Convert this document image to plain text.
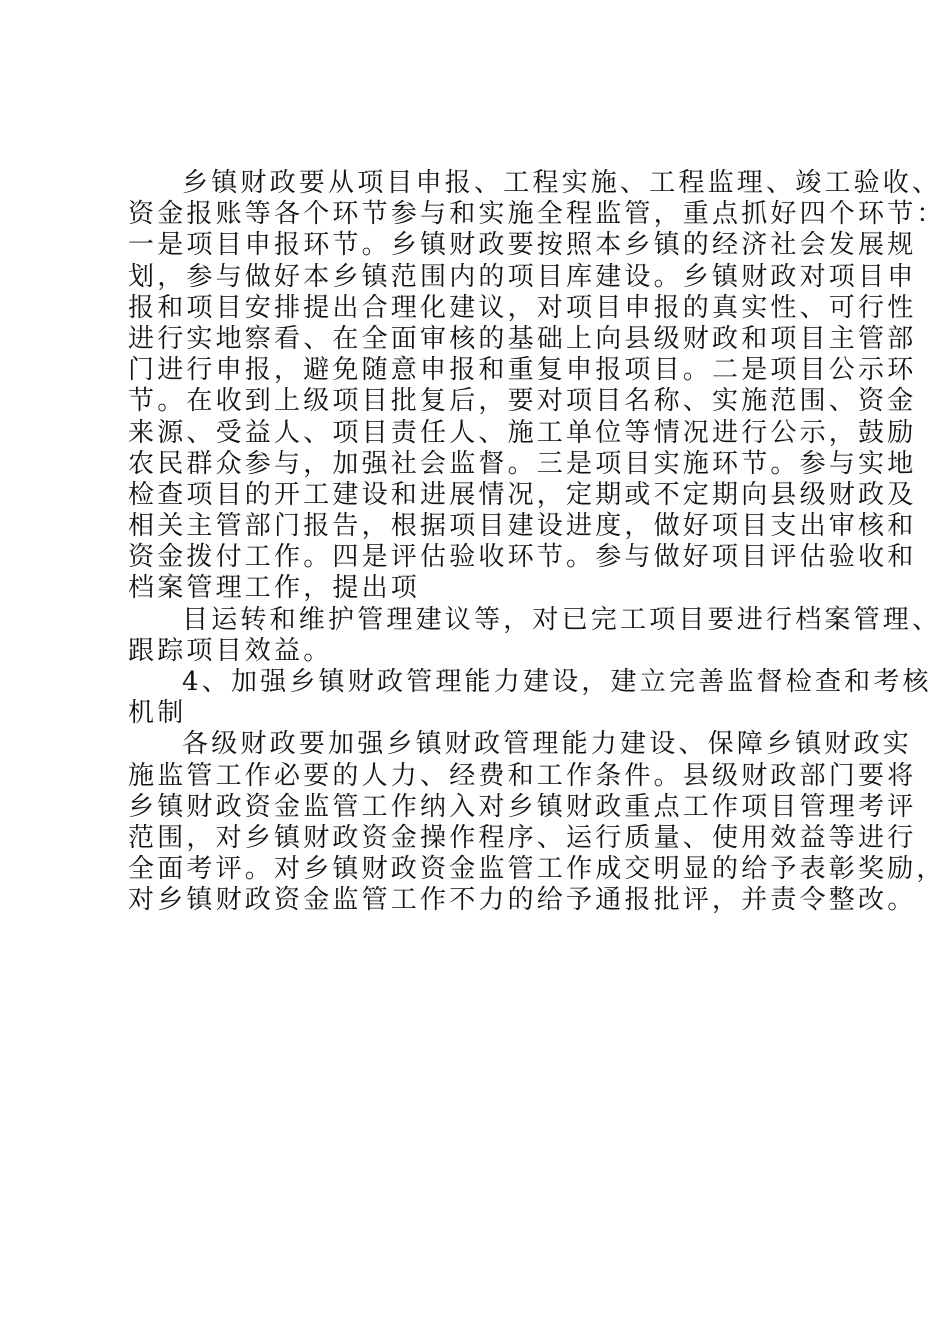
乡镇财政要从项目申报、工程实施、工程监理、竣工验收、
资金报账等各个环节参与和实施全程监管，重点抓好四个环节：
一是项目申报环节。乡镇财政要按照本乡镇的经济社会发展规
划，参与做好本乡镇范围内的项目库建设。乡镇财政对项目申
报和项目安排提出合理化建议，对项目申报的真实性、可行性
进行实地察看、在全面审核的基础上向县级财政和项目主管部
门进行申报，避免随意申报和重复申报项目。二是项目公示环
节。在收到上级项目批复后，要对项目名称、实施范围、资金
来源、受益人、项目责任人、施工单位等情况进行公示，鼓励
农民群众参与，加强社会监督。三是项目实施环节。参与实地
检查项目的开工建设和进展情况，定期或不定期向县级财政及
相关主管部门报告，根据项目建设进度，做好项目支出审核和
资金拨付工作。四是评估验收环节。参与做好项目评估验收和
档案管理工作，提出项
目运转和维护管理建议等，对已完工项目要进行档案管理、
跟踪项目效益。
4、加强乡镇财政管理能力建设，建立完善监督检查和考核
机制
各级财政要加强乡镇财政管理能力建设、保障乡镇财政实
施监管工作必要的人力、经费和工作条件。县级财政部门要将
乡镇财政资金监管工作纳入对乡镇财政重点工作项目管理考评
范围，对乡镇财政资金操作程序、运行质量、使用效益等进行
全面考评。对乡镇财政资金监管工作成交明显的给予表彰奖励，
对乡镇财政资金监管工作不力的给予通报批评，并责令整改。
